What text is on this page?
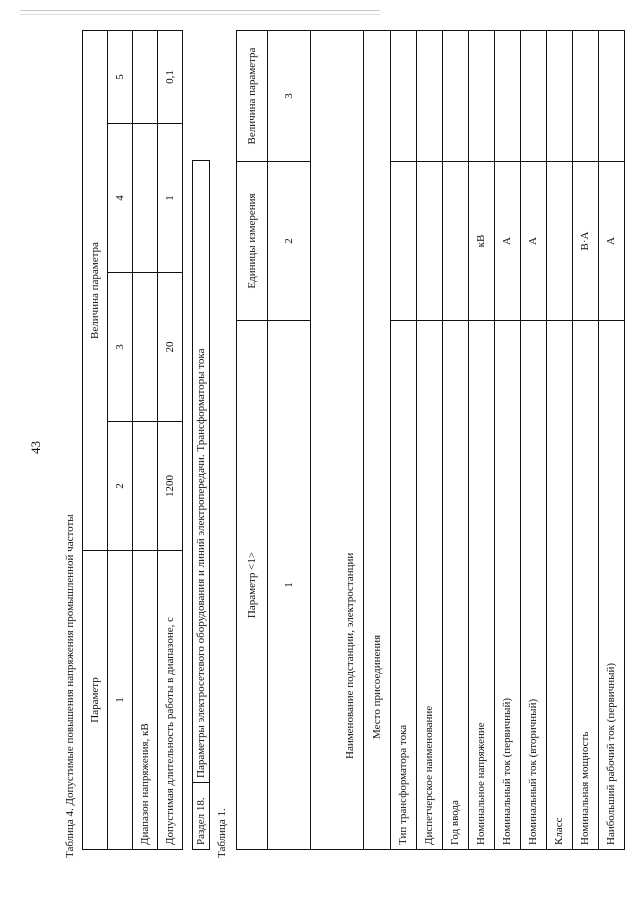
43
Таблица 4. Допустимые повышения напряжения промышленной частоты Параметр	Величина параметра			
1	2	3	4	5
Диапазон напряжения, кВ				
Допустимая длительность работы в диапазоне, с	1200	20	1	0,1
Раздел 18.	Параметры электросетевого оборудования и линий электропередачи. Трансформаторы тока
Таблица 1.
Параметр <1>	Единицы измерения	Величина параметра
1	2	3

Наименование подстанции, электростанции		
Место присоединения		
Тип трансформатора тока		
Диспетчерское наименование		
Год ввода		
Номинальное напряжение	кВ	
Номинальный ток (первичный)	А	
Номинальный ток (вторичный)	А	
Класс		
Номинальная мощность	В·А	
Наибольший рабочий ток (первичный)	А	
